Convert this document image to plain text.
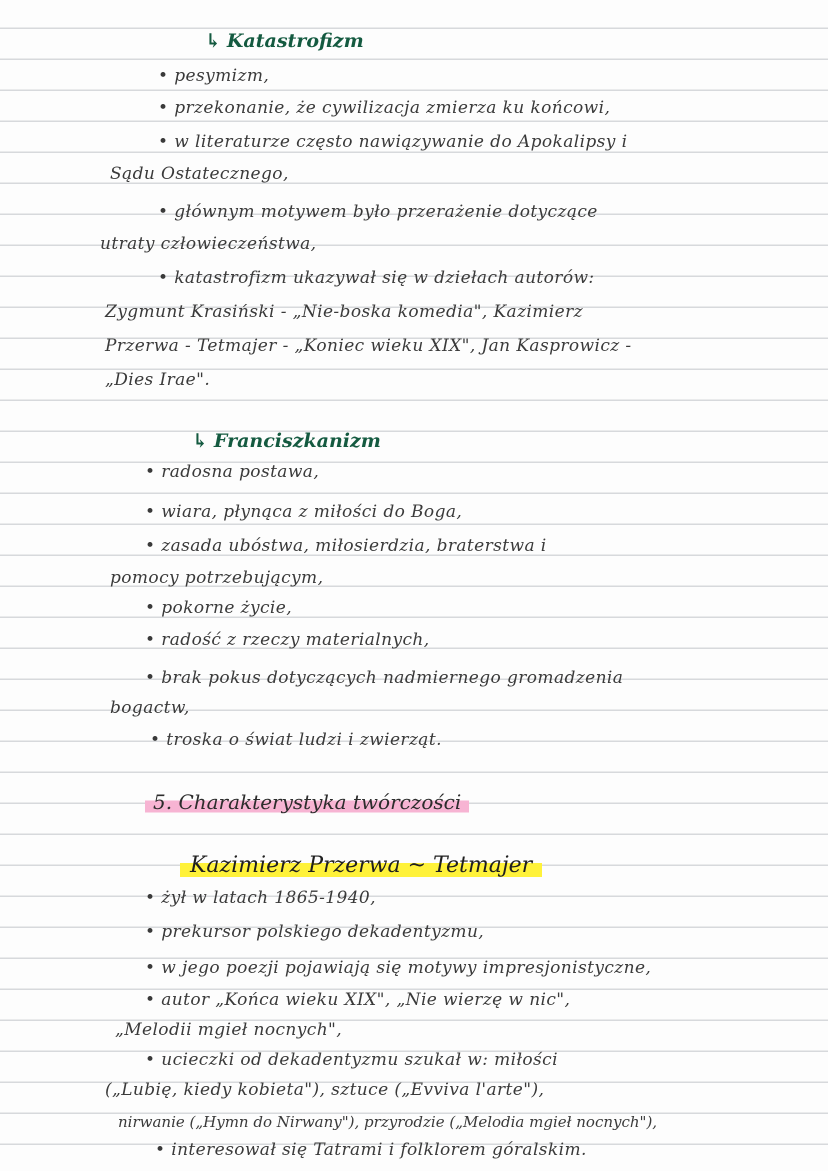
↳ Katastrofizm
• pesymizm,
• przekonanie, że cywilizacja zmierza ku końcowi,
• w literaturze często nawiązywanie do Apokalipsy i
Sądu Ostatecznego,
• głównym motywem było przerażenie dotyczące
utraty człowieczeństwa,
• katastrofizm ukazywał się w dziełach autorów:
Zygmunt Krasiński - „Nie-boska komedia", Kazimierz
Przerwa - Tetmajer - „Koniec wieku XIX", Jan Kasprowicz -
„Dies Irae".
↳ Franciszkanizm
• radosna postawa,
• wiara, płynąca z miłości do Boga,
• zasada ubóstwa, miłosierdzia, braterstwa i
pomocy potrzebującym,
• pokorne życie,
• radość z rzeczy materialnych,
• brak pokus dotyczących nadmiernego gromadzenia
bogactw,
• troska o świat ludzi i zwierząt.
5. Charakterystyka twórczości
Kazimierz Przerwa ~ Tetmajer
• żył w latach 1865-1940,
• prekursor polskiego dekadentyzmu,
• w jego poezji pojawiają się motywy impresjonistyczne,
• autor „Końca wieku XIX", „Nie wierzę w nic",
„Melodii mgieł nocnych",
• ucieczki od dekadentyzmu szukał w: miłości
(„Lubię, kiedy kobieta"), sztuce („Evviva l'arte"),
nirwanie („Hymn do Nirwany"), przyrodzie („Melodia mgieł nocnych"),
• interesował się Tatrami i folklorem góralskim.
